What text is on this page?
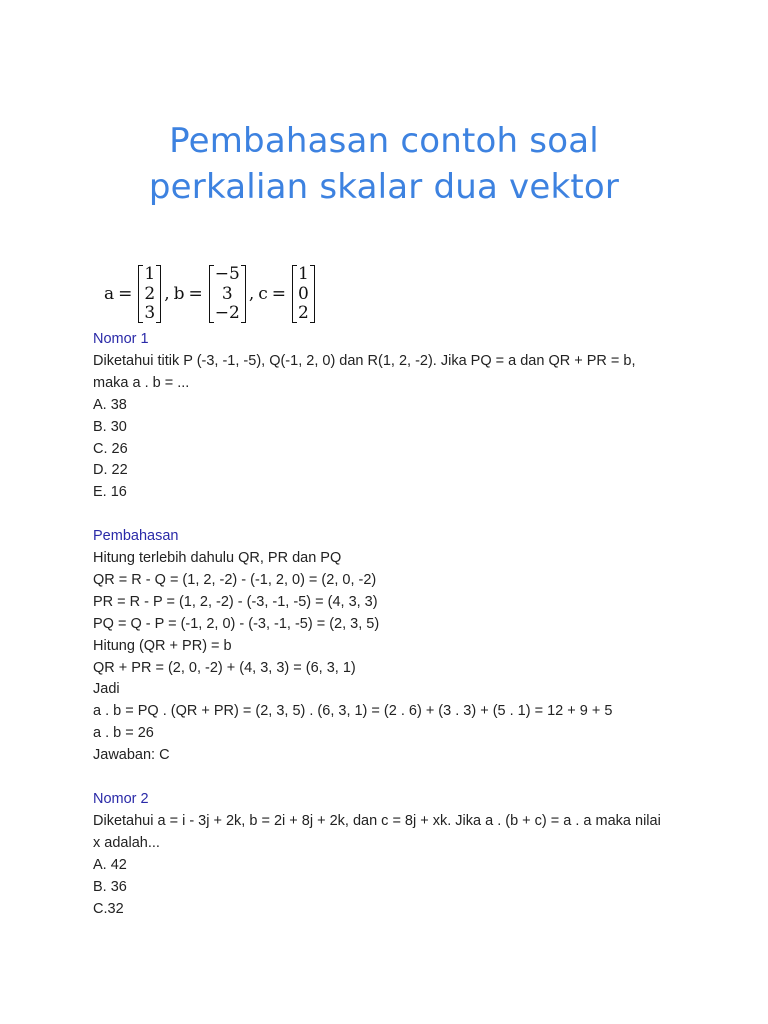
Pembahasan contoh soal
perkalian skalar dua vektor
a =
1
2
3
, b =
−5
3
−2
, c =
1
0
2
Nomor 1
Diketahui titik P (-3, -1, -5), Q(-1, 2, 0) dan R(1, 2, -2). Jika PQ = a dan QR + PR = b,
maka a . b = ...
A. 38
B. 30
C. 26
D. 22
E. 16
Pembahasan
Hitung terlebih dahulu QR, PR dan PQ
QR = R - Q = (1, 2, -2) - (-1, 2, 0) = (2, 0, -2)
PR = R - P = (1, 2, -2) - (-3, -1, -5) = (4, 3, 3)
PQ = Q - P = (-1, 2, 0) - (-3, -1, -5) = (2, 3, 5)
Hitung (QR + PR) = b
QR + PR = (2, 0, -2) + (4, 3, 3) = (6, 3, 1)
Jadi
a . b = PQ . (QR + PR) = (2, 3, 5) . (6, 3, 1) = (2 . 6) + (3 . 3) + (5 . 1) = 12 + 9 + 5
a . b = 26
Jawaban: C
Nomor 2
Diketahui a = i - 3j + 2k, b = 2i + 8j + 2k, dan c = 8j + xk. Jika a . (b + c) = a . a maka nilai
x adalah...
A. 42
B. 36
C.32
